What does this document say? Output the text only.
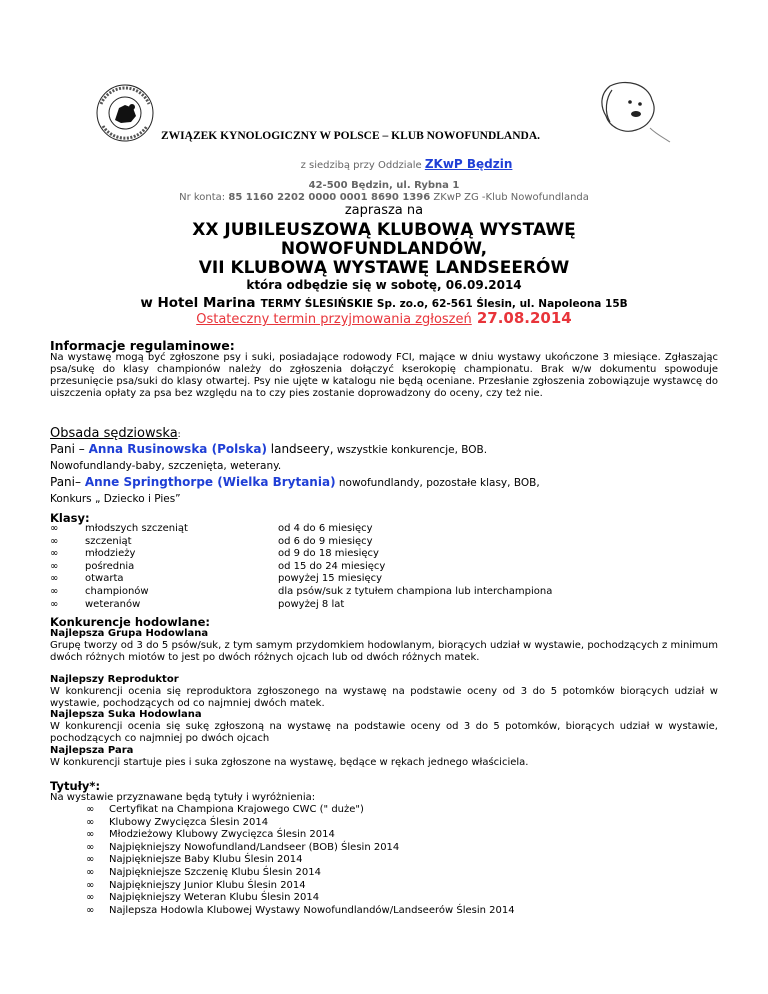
ZWIĄZEK KYNOLOGICZNY W POLSCE – KLUB NOWOFUNDLANDA.
z siedzibą przy Oddziale ZKwP Będzin
42-500 Będzin, ul. Rybna 1
Nr konta: 85 1160 2202 0000 0001 8690 1396 ZKwP ZG -Klub Nowofundlanda
zaprasza na
XX JUBILEUSZOWĄ KLUBOWĄ WYSTAWĘ
NOWOFUNDLANDÓW,
VII KLUBOWĄ WYSTAWĘ LANDSEERÓW
która odbędzie się w sobotę, 06.09.2014
w Hotel Marina TERMY ŚLESIŃSKIE Sp. zo.o, 62-561 Ślesin, ul. Napoleona 15B
Ostateczny termin przyjmowania zgłoszeń 27.08.2014
Informacje regulaminowe:
Na wystawę mogą być zgłoszone psy i suki, posiadające rodowody FCI, mające w dniu wystawy ukończone 3 miesiące. Zgłaszając psa/sukę do klasy championów należy do zgłoszenia dołączyć kserokopię championatu. Brak w/w dokumentu spowoduje przesunięcie psa/suki do klasy otwartej. Psy nie ujęte w katalogu nie będą oceniane. Przesłanie zgłoszenia zobowiązuje wystawcę do uiszczenia opłaty za psa bez względu na to czy pies zostanie doprowadzony do oceny, czy też nie.
Obsada sędziowska:
Pani – Anna Rusinowska (Polska) landseery, wszystkie konkurencje, BOB.
Nowofundlandy-baby, szczenięta, weterany.
Pani– Anne Springthorpe (Wielka Brytania) nowofundlandy, pozostałe klasy, BOB,
Konkurs „ Dziecko i Pies”
Klasy:
∞	młodszych szczeniąt	od 4 do 6 miesięcy
∞	szczeniąt	od 6 do 9 miesięcy
∞	młodzieży	od 9 do 18 miesięcy
∞	pośrednia	od 15 do 24 miesięcy
∞	otwarta	powyżej 15 miesięcy
∞	championów	dla psów/suk z tytułem championa lub interchampiona
∞	weteranów	powyżej 8 lat
Konkurencje hodowlane:
Najlepsza Grupa Hodowlana
Grupę tworzy od 3 do 5 psów/suk, z tym samym przydomkiem hodowlanym, biorących udział w wystawie, pochodzących z minimum dwóch różnych miotów to jest po dwóch różnych ojcach lub od dwóch różnych matek.
Najlepszy Reproduktor
W konkurencji ocenia się reproduktora zgłoszonego na wystawę na podstawie oceny od 3 do 5 potomków biorących udział w wystawie, pochodzących od co najmniej dwóch matek.
Najlepsza Suka Hodowlana
W konkurencji ocenia się sukę zgłoszoną na wystawę na podstawie oceny od 3 do 5 potomków, biorących udział w wystawie, pochodzących co najmniej po dwóch ojcach
Najlepsza Para
W konkurencji startuje pies i suka zgłoszone na wystawę, będące w rękach jednego właściciela.
Tytuły*:
Na wystawie przyznawane będą tytuły i wyróżnienia:
∞ Certyfikat na Championa Krajowego CWC (" duże")
∞ Klubowy Zwycięzca Ślesin 2014
∞ Młodzieżowy Klubowy Zwycięzca Ślesin 2014
∞ Najpiękniejszy Nowofundland/Landseer (BOB) Ślesin 2014
∞ Najpiękniejsze Baby Klubu Ślesin 2014
∞ Najpiękniejsze Szczenię Klubu Ślesin 2014
∞ Najpiękniejszy Junior Klubu Ślesin 2014
∞ Najpiękniejszy Weteran Klubu Ślesin 2014
∞ Najlepsza Hodowla Klubowej Wystawy Nowofundlandów/Landseerów Ślesin 2014
